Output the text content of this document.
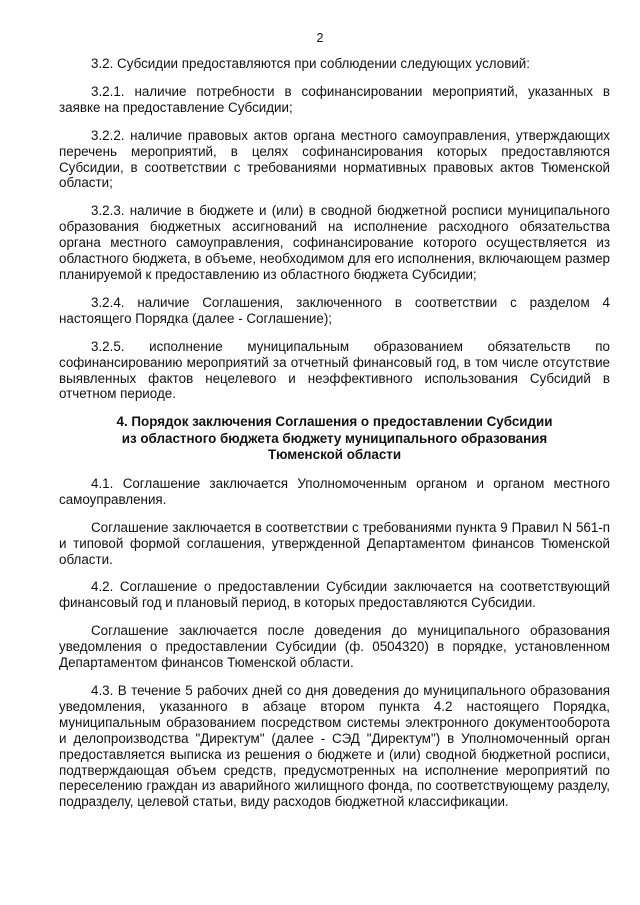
2

3.2. Субсидии предоставляются при соблюдении следующих условий:

3.2.1. наличие потребности в софинансировании мероприятий, указанных в заявке на предоставление Субсидии;

3.2.2. наличие правовых актов органа местного самоуправления, утверждающих перечень мероприятий, в целях софинансирования которых предоставляются Субсидии, в соответствии с требованиями нормативных правовых актов Тюменской области;

3.2.3. наличие в бюджете и (или) в сводной бюджетной росписи муниципального образования бюджетных ассигнований на исполнение расходного обязательства органа местного самоуправления, софинансирование которого осуществляется из областного бюджета, в объеме, необходимом для его исполнения, включающем размер планируемой к предоставлению из областного бюджета Субсидии;

3.2.4. наличие Соглашения, заключенного в соответствии с разделом 4 настоящего Порядка (далее - Соглашение);

3.2.5. исполнение муниципальным образованием обязательств по софинансированию мероприятий за отчетный финансовый год, в том числе отсутствие выявленных фактов нецелевого и неэффективного использования Субсидий в отчетном периоде.

4. Порядок заключения Соглашения о предоставлении Субсидии
из областного бюджета бюджету муниципального образования
Тюменской области

4.1. Соглашение заключается Уполномоченным органом и органом местного самоуправления.

Соглашение заключается в соответствии с требованиями пункта 9 Правил N 561-п и типовой формой соглашения, утвержденной Департаментом финансов Тюменской области.

4.2. Соглашение о предоставлении Субсидии заключается на соответствующий финансовый год и плановый период, в которых предоставляются Субсидии.

Соглашение заключается после доведения до муниципального образования уведомления о предоставлении Субсидии (ф. 0504320) в порядке, установленном Департаментом финансов Тюменской области.

4.3. В течение 5 рабочих дней со дня доведения до муниципального образования уведомления, указанного в абзаце втором пункта 4.2 настоящего Порядка, муниципальным образованием посредством системы электронного документооборота и делопроизводства "Директум" (далее - СЭД "Директум") в Уполномоченный орган предоставляется выписка из решения о бюджете и (или) сводной бюджетной росписи, подтверждающая объем средств, предусмотренных на исполнение мероприятий по переселению граждан из аварийного жилищного фонда, по соответствующему разделу, подразделу, целевой статьи, виду расходов бюджетной классификации.
